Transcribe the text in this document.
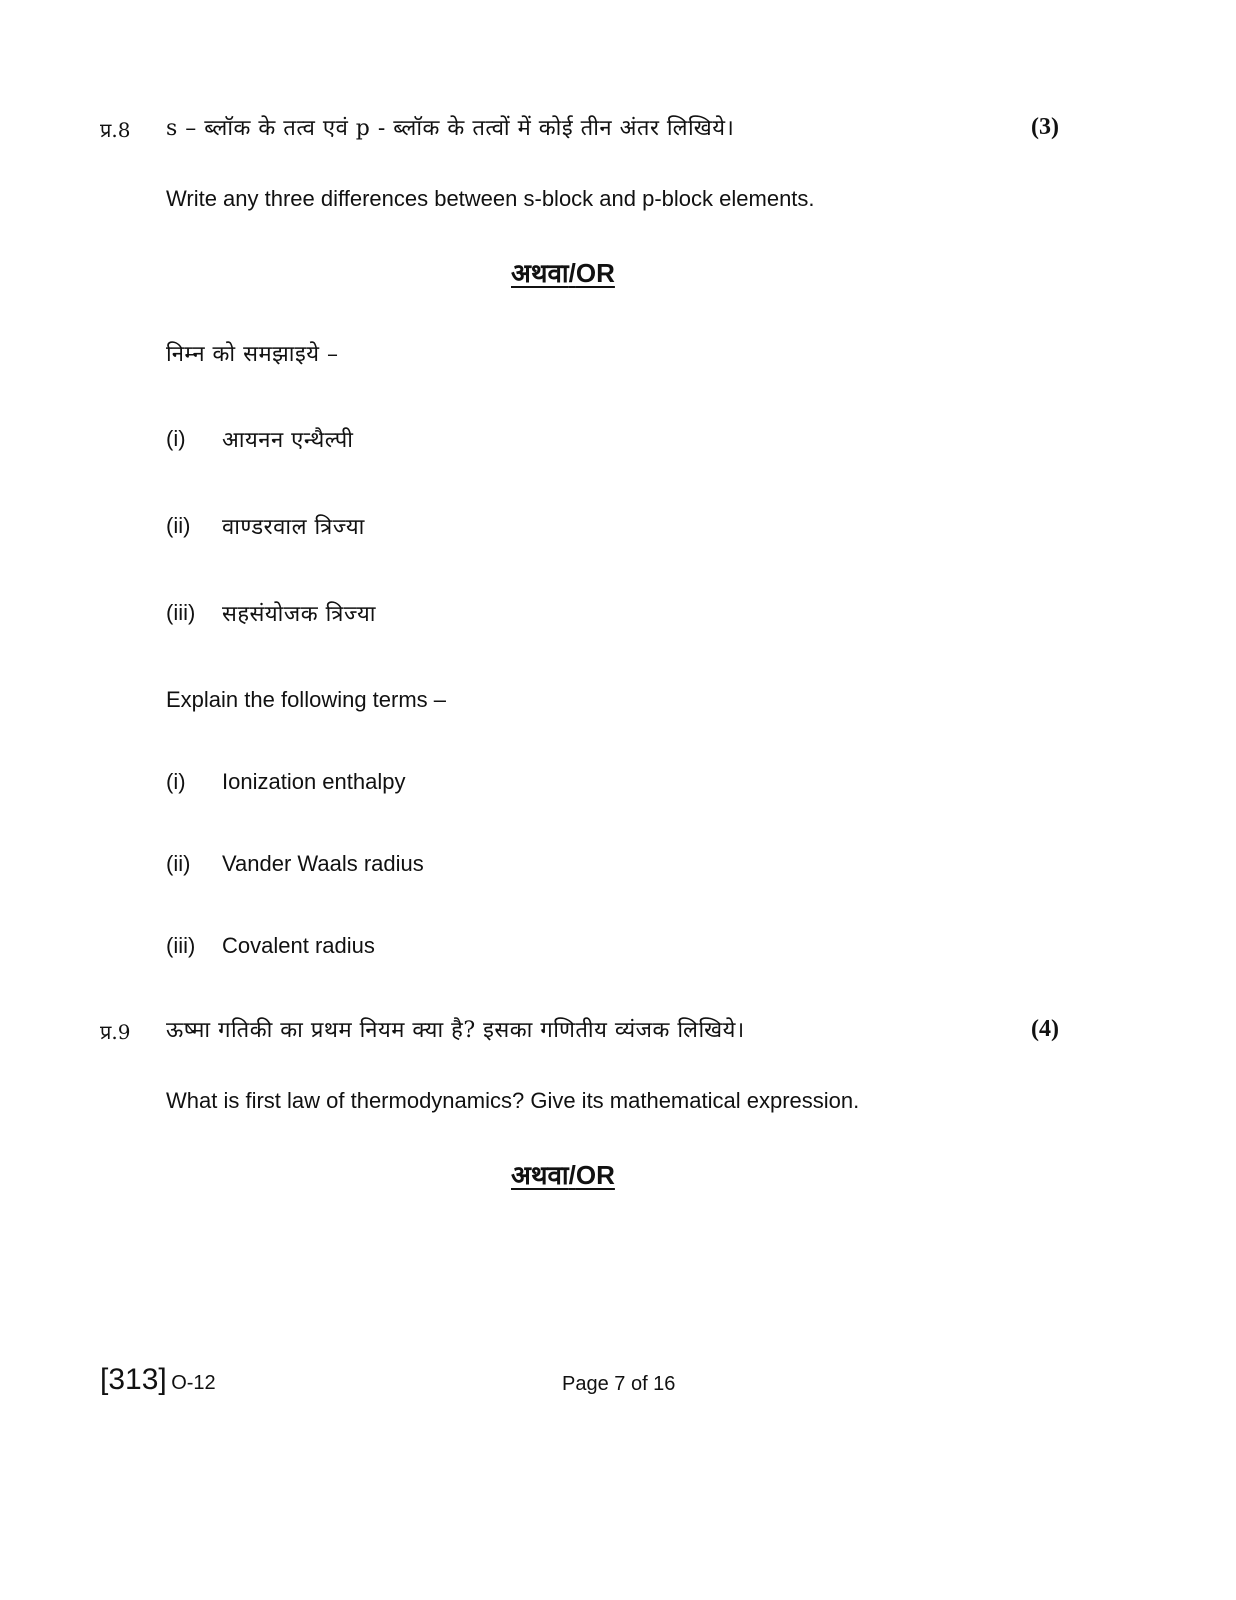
प्र.8 s – ब्लॉक के तत्व एवं p - ब्लॉक के तत्वों में कोई तीन अंतर लिखिये।	(3)
Write any three differences between s-block and p-block elements.
अथवा/OR
निम्न को समझाइये –
(i) आयनन एन्थैल्पी
(ii) वाण्डरवाल त्रिज्या
(iii) सहसंयोजक त्रिज्या
Explain the following terms –
(i) Ionization enthalpy
(ii) Vander Waals radius
(iii) Covalent radius
प्र.9 ऊष्मा गतिकी का प्रथम नियम क्या है? इसका गणितीय व्यंजक लिखिये।	(4)
What is first law of thermodynamics? Give its mathematical expression.
अथवा/OR
[313] O-12	Page 7 of 16
